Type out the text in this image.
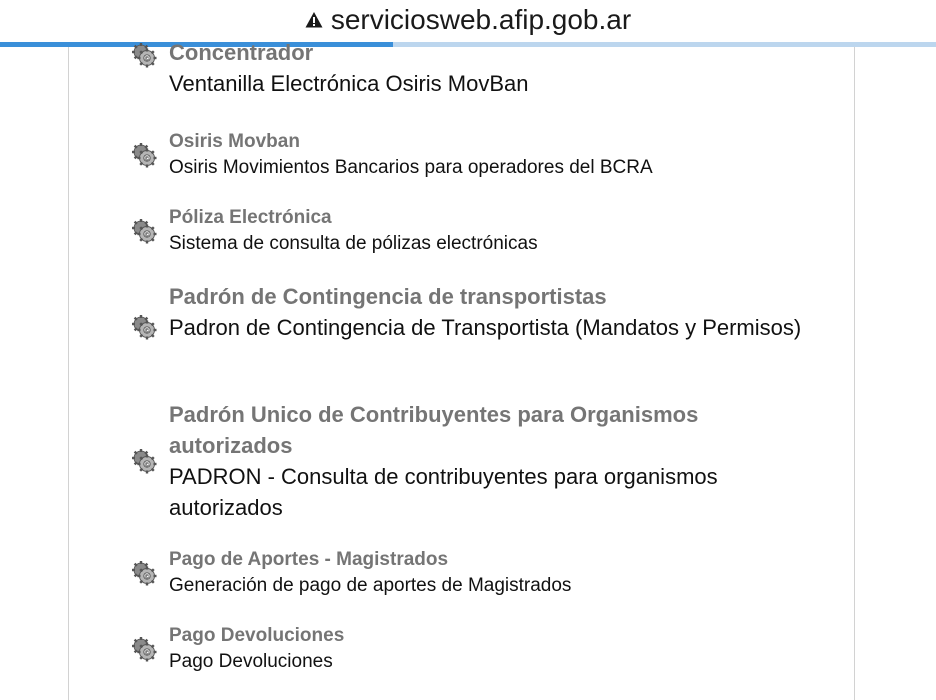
serviciosweb.afip.gob.ar

Concentrador

Ventanilla Electrónica Osiris MovBan

Osiris Movban

Osiris Movimientos Bancarios para operadores del BCRA

Póliza Electrónica

Sistema de consulta de pólizas electrónicas

Padrón de Contingencia de transportistas

Padron de Contingencia de Transportista (Mandatos y Permisos)

Padrón Unico de Contribuyentes para Organismos autorizados

PADRON - Consulta de contribuyentes para organismos autorizados

Pago de Aportes - Magistrados

Generación de pago de aportes de Magistrados

Pago Devoluciones

Pago Devoluciones
